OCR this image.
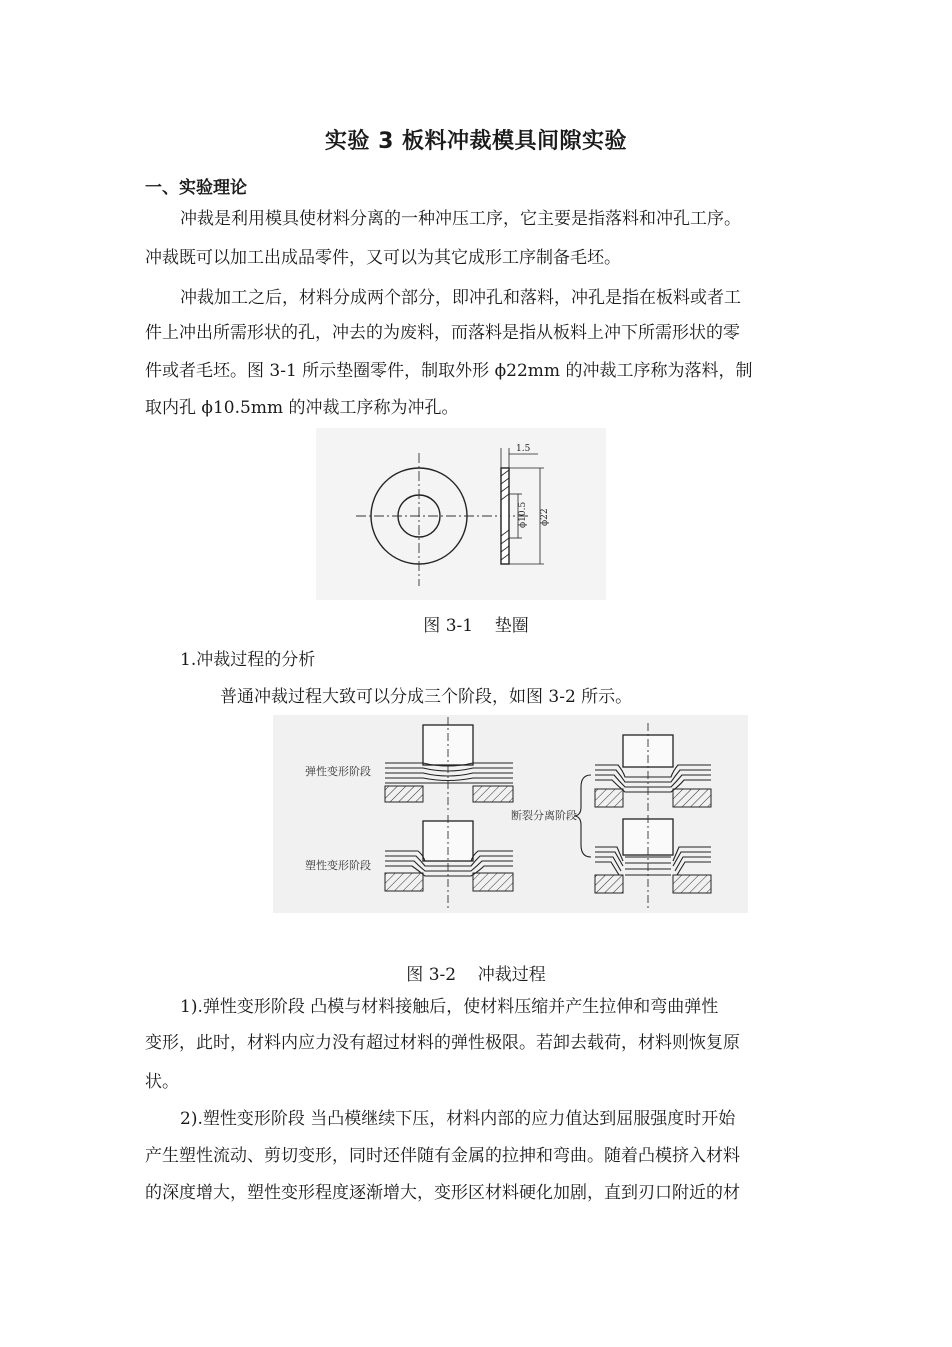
实验 3 板料冲裁模具间隙实验
一、实验理论
冲裁是利用模具使材料分离的一种冲压工序，它主要是指落料和冲孔工序。
冲裁既可以加工出成品零件，又可以为其它成形工序制备毛坯。
冲裁加工之后，材料分成两个部分，即冲孔和落料，冲孔是指在板料或者工
件上冲出所需形状的孔，冲去的为废料，而落料是指从板料上冲下所需形状的零
件或者毛坯。图 3-1 所示垫圈零件，制取外形 ϕ22mm 的冲裁工序称为落料，制
取内孔 ϕ10.5mm 的冲裁工序称为冲孔。
1.5
ϕ10.5 ϕ22
图 3-1    垫圈
1.冲裁过程的分析
普通冲裁过程大致可以分成三个阶段，如图 3-2 所示。
弹性变形阶段
塑性变形阶段
断裂分离阶段
图 3-2    冲裁过程
1).弹性变形阶段 凸模与材料接触后，使材料压缩并产生拉伸和弯曲弹性
变形，此时，材料内应力没有超过材料的弹性极限。若卸去载荷，材料则恢复原
状。
2).塑性变形阶段 当凸模继续下压，材料内部的应力值达到屈服强度时开始
产生塑性流动、剪切变形，同时还伴随有金属的拉抻和弯曲。随着凸模挤入材料
的深度增大，塑性变形程度逐渐增大，变形区材料硬化加剧，直到刃口附近的材
